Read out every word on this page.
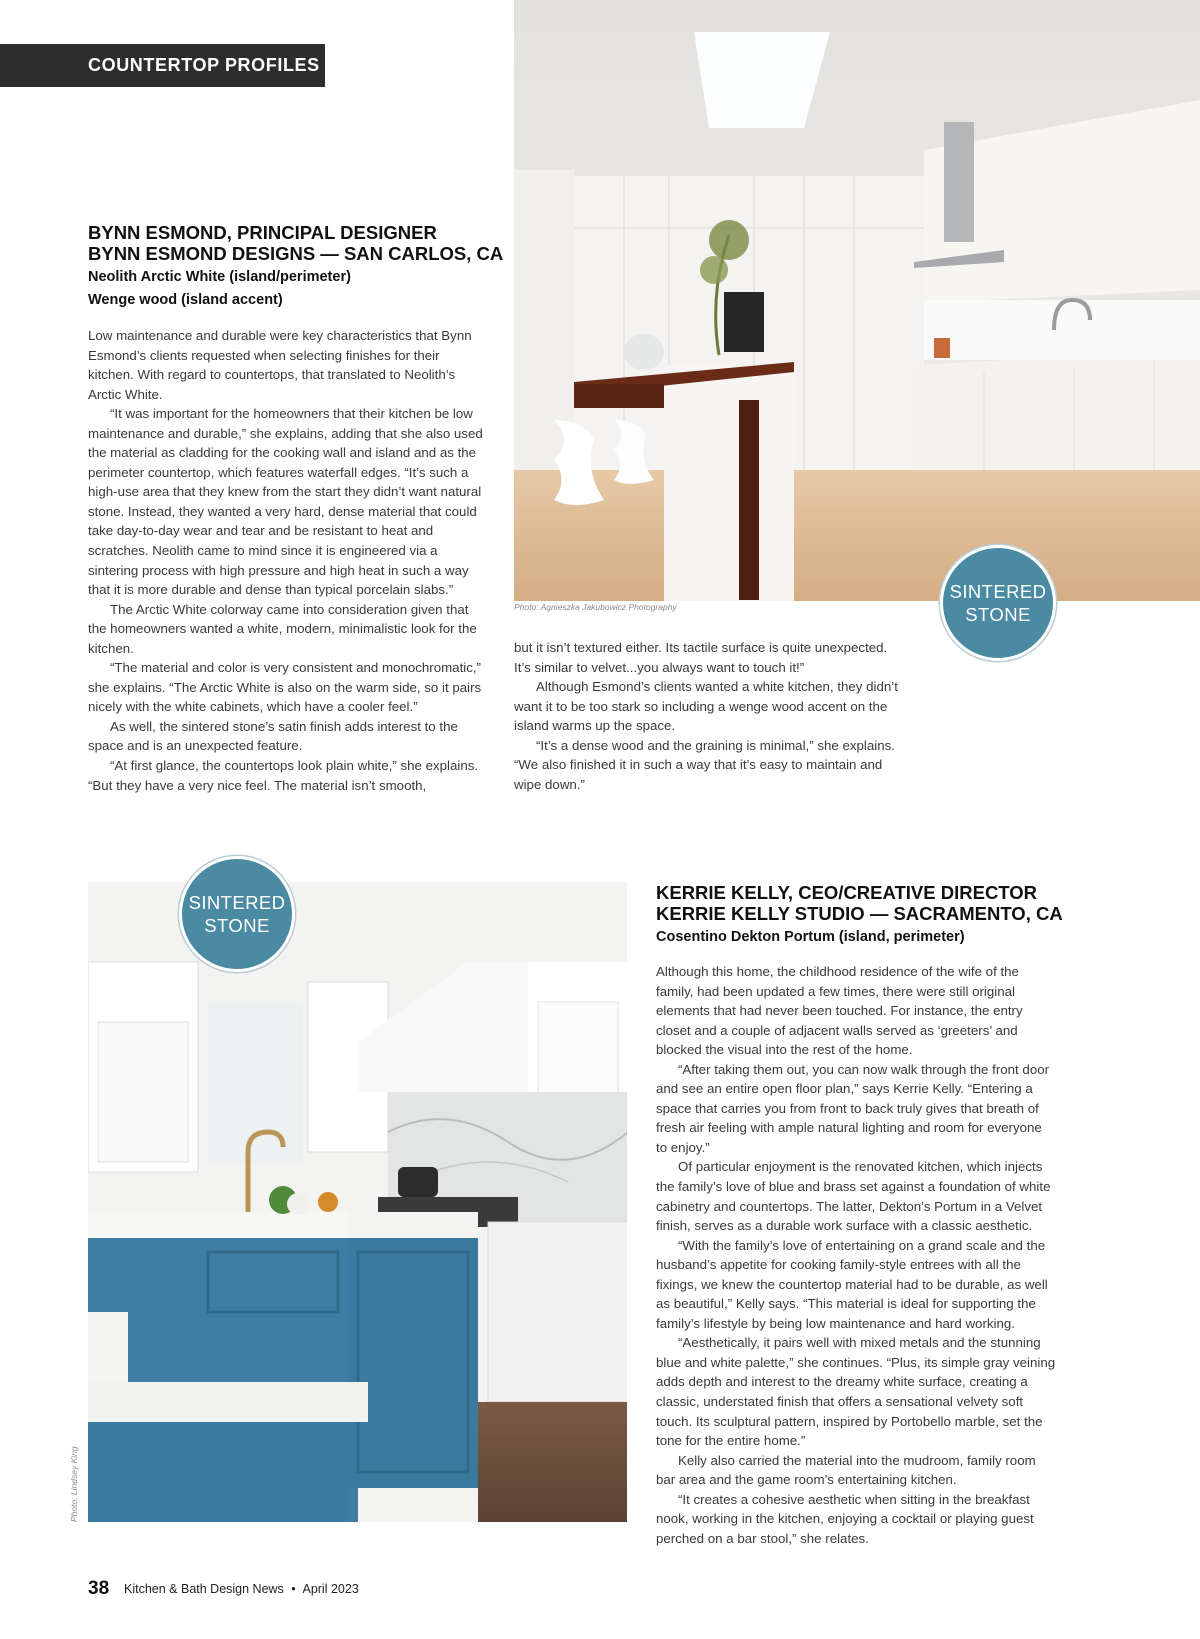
COUNTERTOP PROFILES
BYNN ESMOND, PRINCIPAL DESIGNER
BYNN ESMOND DESIGNS — SAN CARLOS, CA

Neolith Arctic White (island/perimeter)

Wenge wood (island accent)

Low maintenance and durable were key characteristics that Bynn Esmond’s clients requested when selecting finishes for their kitchen. With regard to countertops, that translated to Neolith’s Arctic White.

“It was important for the homeowners that their kitchen be low maintenance and durable,” she explains, adding that she also used the material as cladding for the cooking wall and island and as the perimeter countertop, which features waterfall edges. “It’s such a high-use area that they knew from the start they didn’t want natural stone. Instead, they wanted a very hard, dense material that could take day-to-day wear and tear and be resistant to heat and scratches. Neolith came to mind since it is engineered via a sintering process with high pressure and high heat in such a way that it is more durable and dense than typical porcelain slabs.”

The Arctic White colorway came into consideration given that the homeowners wanted a white, modern, minimalistic look for the kitchen.

“The material and color is very consistent and monochromatic,” she explains. “The Arctic White is also on the warm side, so it pairs nicely with the white cabinets, which have a cooler feel.”

As well, the sintered stone’s satin finish adds interest to the space and is an unexpected feature.

“At first glance, the countertops look plain white,” she explains. “But they have a very nice feel. The material isn’t smooth,

Photo: Agnieszka Jakubowicz Photography
SINTERED
STONE

but it isn’t textured either. Its tactile surface is quite unexpected. It’s similar to velvet...you always want to touch it!”

Although Esmond’s clients wanted a white kitchen, they didn’t want it to be too stark so including a wenge wood accent on the island warms up the space.

“It’s a dense wood and the graining is minimal,” she explains. “We also finished it in such a way that it’s easy to maintain and wipe down.”

Photo: Lindsey King
SINTERED
STONE
KERRIE KELLY, CEO/CREATIVE DIRECTOR
KERRIE KELLY STUDIO — SACRAMENTO, CA

Cosentino Dekton Portum (island, perimeter)

Although this home, the childhood residence of the wife of the family, had been updated a few times, there were still original elements that had never been touched. For instance, the entry closet and a couple of adjacent walls served as ‘greeters’ and blocked the visual into the rest of the home.

“After taking them out, you can now walk through the front door and see an entire open floor plan,” says Kerrie Kelly. “Entering a space that carries you from front to back truly gives that breath of fresh air feeling with ample natural lighting and room for everyone to enjoy.”

Of particular enjoyment is the renovated kitchen, which injects the family’s love of blue and brass set against a foundation of white cabinetry and countertops. The latter, Dekton’s Portum in a Velvet finish, serves as a durable work surface with a classic aesthetic.

“With the family’s love of entertaining on a grand scale and the husband’s appetite for cooking family-style entrees with all the fixings, we knew the countertop material had to be durable, as well as beautiful,” Kelly says. “This material is ideal for supporting the family’s lifestyle by being low maintenance and hard working.

“Aesthetically, it pairs well with mixed metals and the stunning blue and white palette,” she continues. “Plus, its simple gray veining adds depth and interest to the dreamy white surface, creating a classic, understated finish that offers a sensational velvety soft touch. Its sculptural pattern, inspired by Portobello marble, set the tone for the entire home.”

Kelly also carried the material into the mudroom, family room bar area and the game room’s entertaining kitchen.

“It creates a cohesive aesthetic when sitting in the breakfast nook, working in the kitchen, enjoying a cocktail or playing guest perched on a bar stool,” she relates.

38 Kitchen & Bath Design News • April 2023
